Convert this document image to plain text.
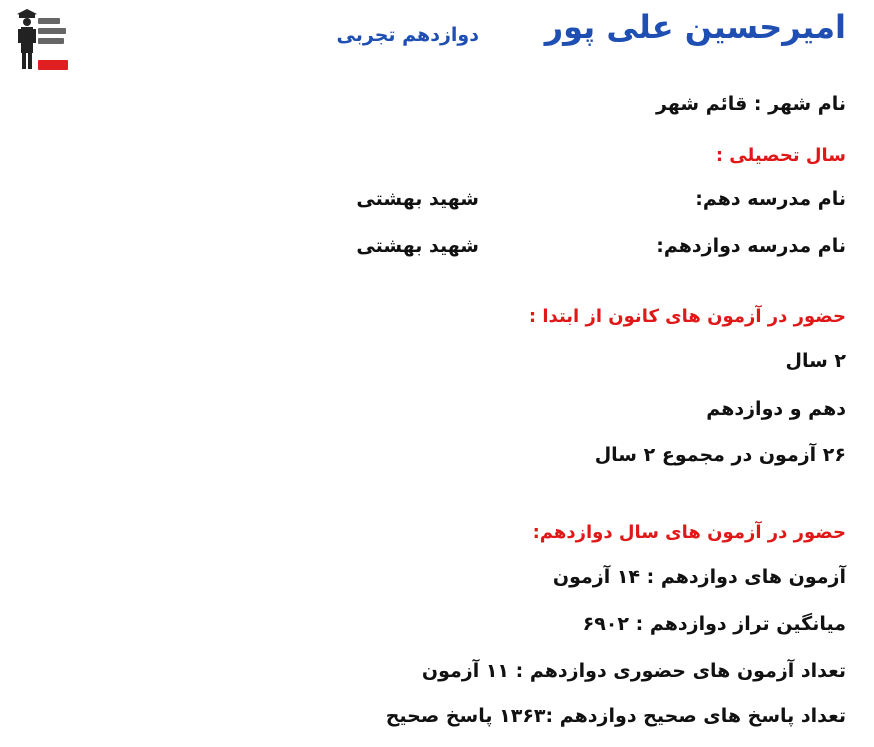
امیرحسین علی پور
دوازدهم تجربی
نام شهر : قائم شهر
سال تحصیلی :
نام مدرسه دهم:
شهید بهشتی
نام مدرسه دوازدهم:
شهید بهشتی
حضور در آزمون های کانون از ابتدا :
۲ سال
دهم و دوازدهم
۲۶ آزمون در مجموع ۲ سال
حضور در آزمون های سال دوازدهم:
آزمون های دوازدهم : ۱۴ آزمون
میانگین تراز دوازدهم : ۶۹۰۲
تعداد آزمون های حضوری دوازدهم : ۱۱ آزمون
تعداد پاسخ های صحیح دوازدهم :۱۳۶۳ پاسخ صحیح
